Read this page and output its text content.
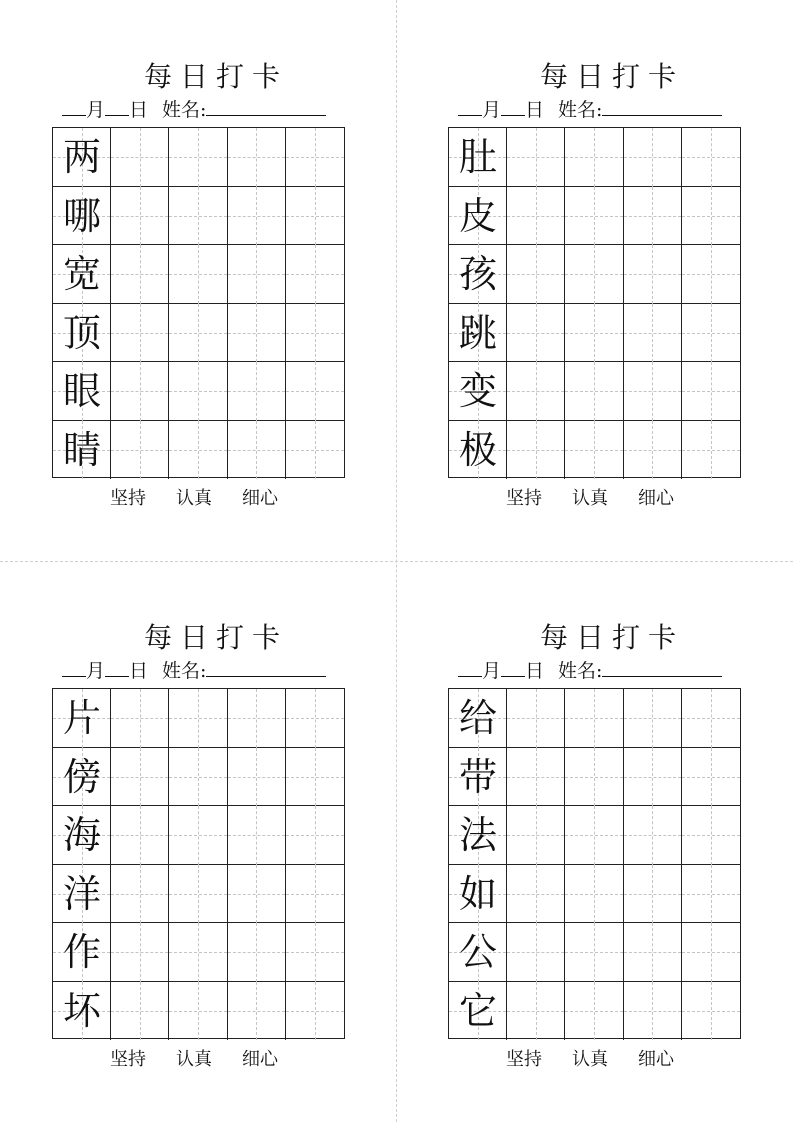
每日打卡
月 日 姓名:
两
哪
宽
顶
眼
睛
坚持 认真 细心
每日打卡
月 日 姓名:
肚
皮
孩
跳
变
极
坚持 认真 细心
每日打卡
月 日 姓名:
片
傍
海
洋
作
坏
坚持 认真 细心
每日打卡
月 日 姓名:
给
带
法
如
公
它
坚持 认真 细心
